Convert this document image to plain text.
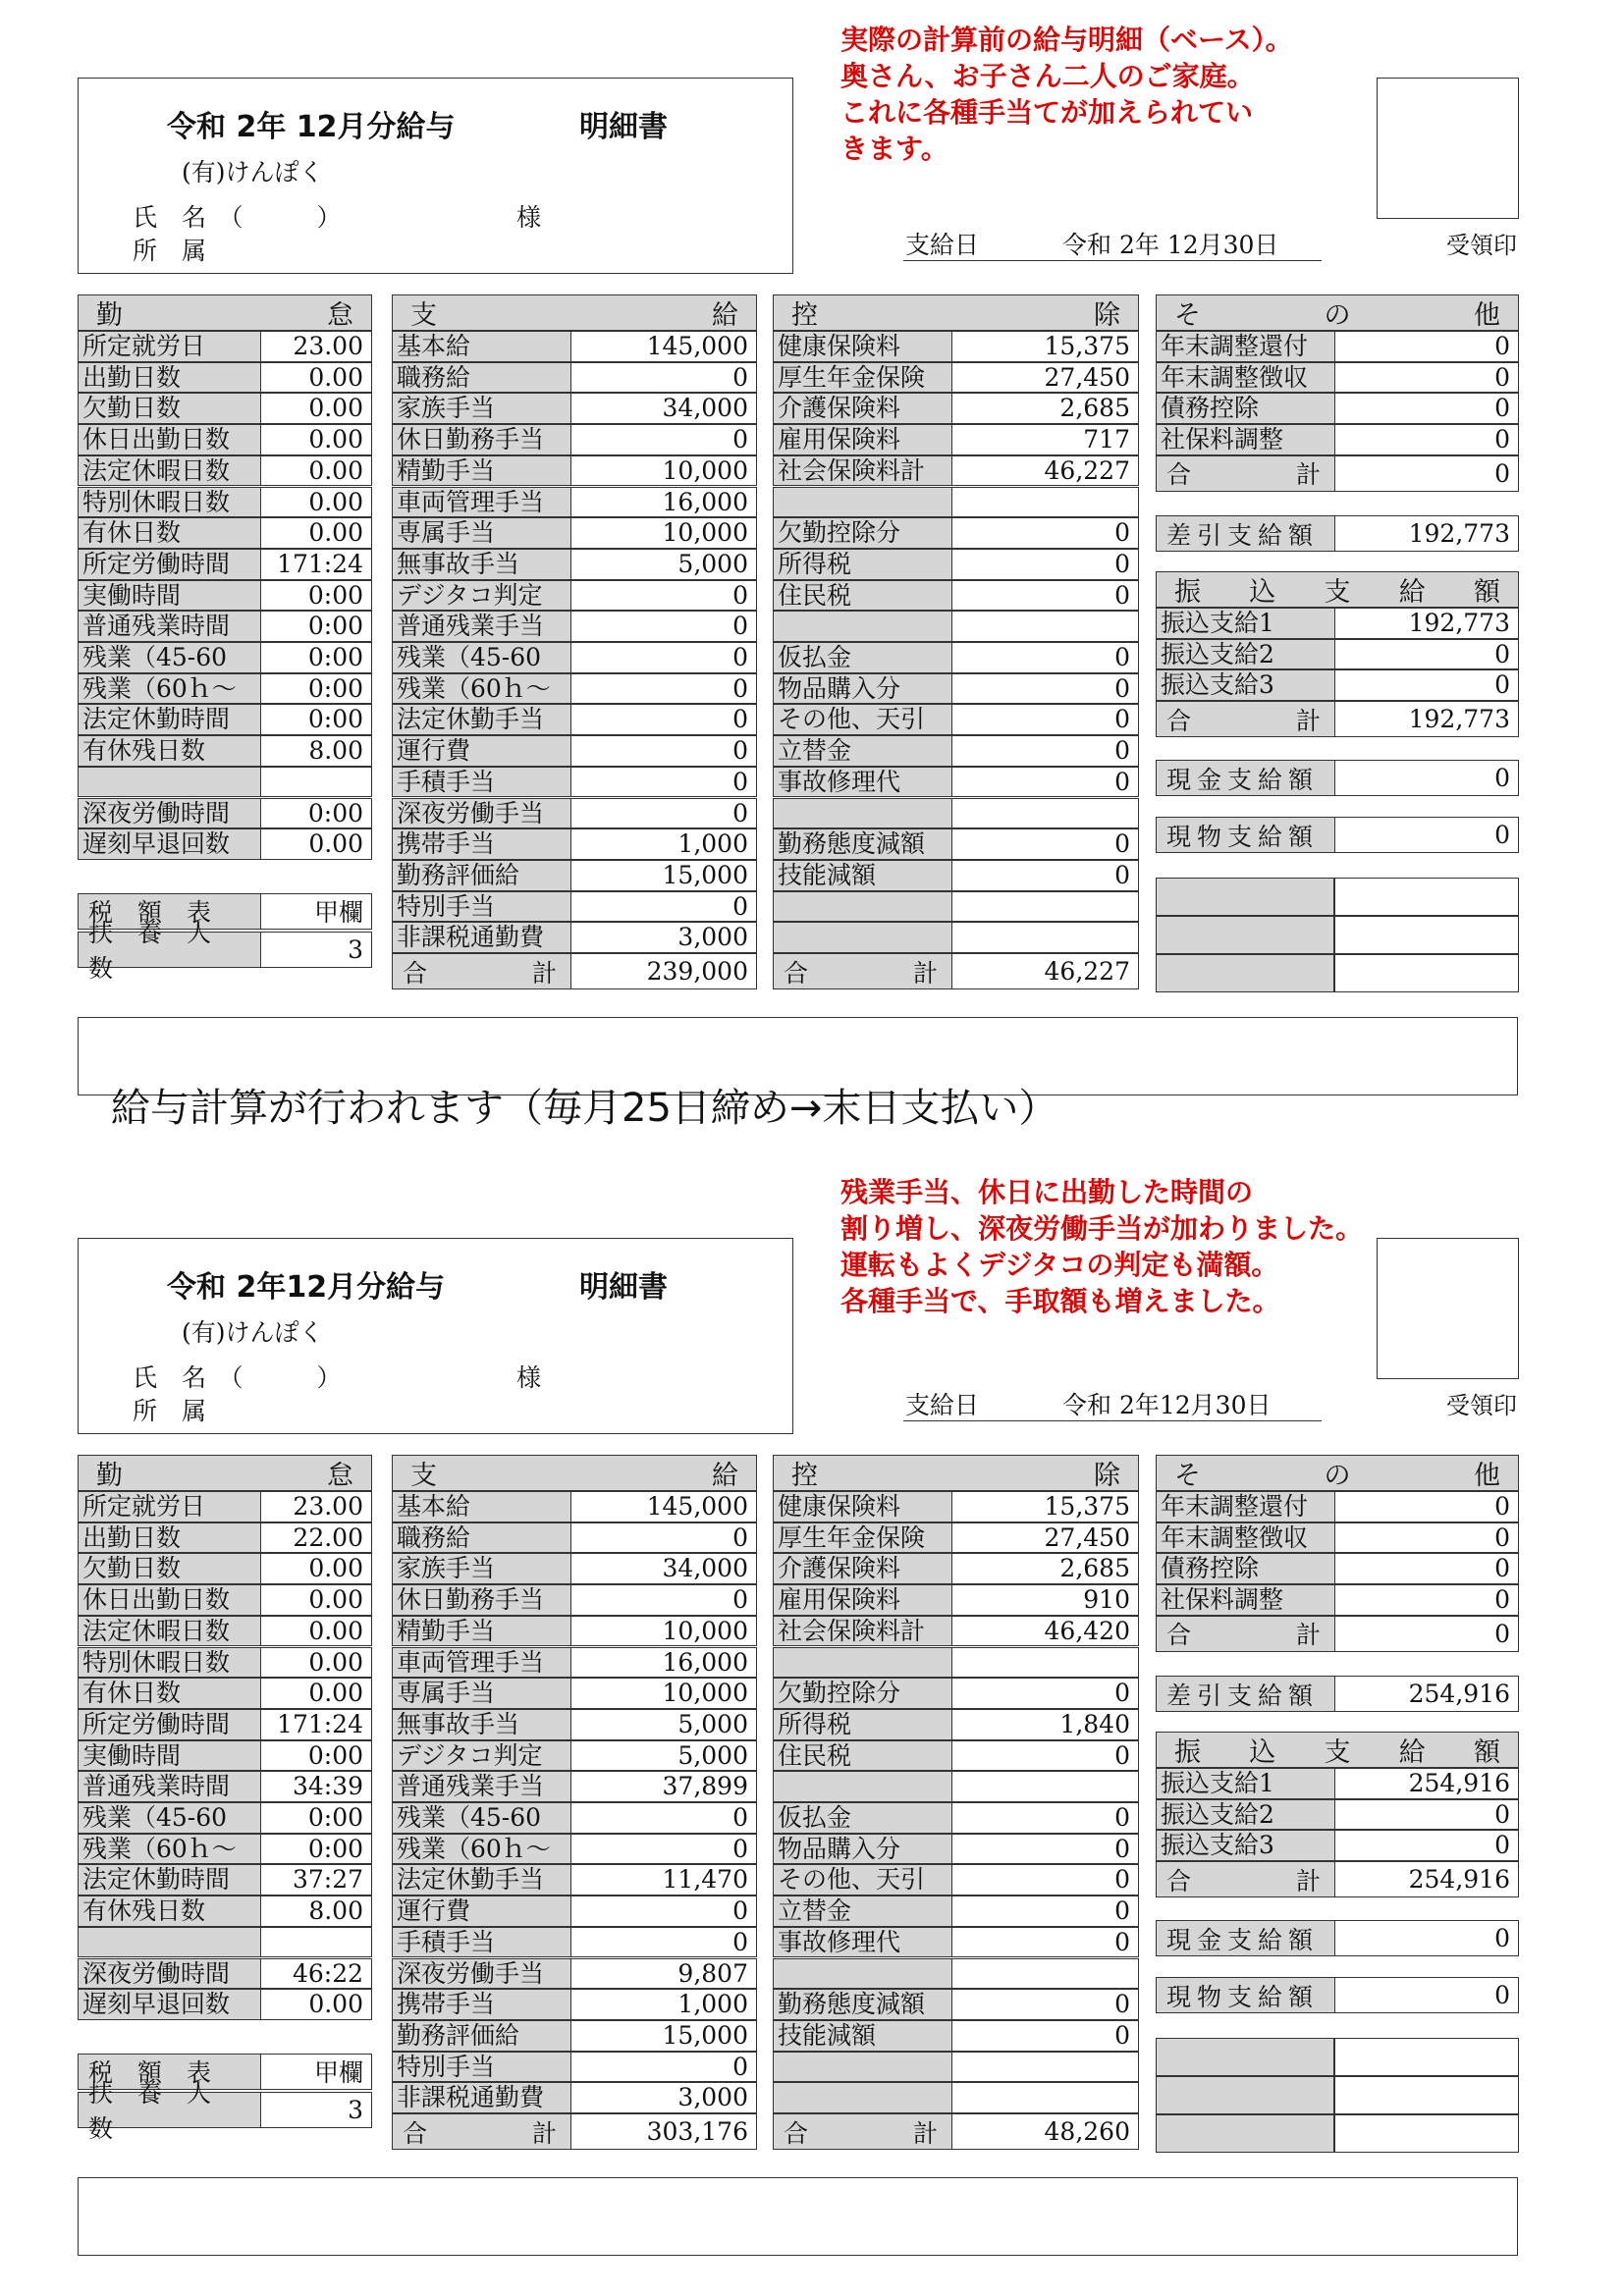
令和 2年 12月分給与	明細書
(有)けんぽく
氏　名　（　　　）	様
所　属
実際の計算前の給与明細（ベース）。
奥さん、お子さん二人のご家庭。
これに各種手当てが加えられてい
きます。
受領印
支給日	令和 2年 12月30日
勤	怠
所定就労日	23.00
出勤日数	0.00
欠勤日数	0.00
休日出勤日数	0.00
法定休暇日数	0.00
特別休暇日数	0.00
有休日数	0.00
所定労働時間	171:24
実働時間	0:00
普通残業時間	0:00
残業（45-60	0:00
残業（60ｈ～	0:00
法定休勤時間	0:00
有休残日数	8.00
深夜労働時間	0:00
遅刻早退回数	0.00
税　額　表	甲欄
扶　養　人　数
3
支	給
基本給	145,000
職務給	0
家族手当	34,000
休日勤務手当	0
精勤手当	10,000
車両管理手当	16,000
専属手当	10,000
無事故手当	5,000
デジタコ判定	0
普通残業手当	0
残業（45-60	0
残業（60ｈ～	0
法定休勤手当	0
運行費	0
手積手当	0
深夜労働手当	0
携帯手当	1,000
勤務評価給	15,000
特別手当	0
非課税通勤費	3,000
合	計	239,000
控	除
健康保険料	15,375
厚生年金保険	27,450
介護保険料	2,685
雇用保険料	717
社会保険料計	46,227
欠勤控除分	0
所得税	0
住民税	0
仮払金	0
物品購入分	0
その他、天引	0
立替金	0
事故修理代	0
勤務態度減額	0
技能減額	0
合	計	46,227
そ	の	他
年末調整還付	0
年末調整徴収	0
債務控除	0
社保料調整	0
合	計	0
差引支給額	192,773
振 込 支 給 額
振込支給1	192,773
振込支給2	0
振込支給3	0
合	計	192,773
現金支給額	0
現物支給額	0
給与計算が行われます（毎月25日締め→末日支払い）
令和 2年12月分給与	明細書
(有)けんぽく
氏　名　（　　　）	様
所　属
残業手当、休日に出勤した時間の
割り増し、深夜労働手当が加わりました。
運転もよくデジタコの判定も満額。
各種手当で、手取額も増えました。
受領印
支給日	令和 2年12月30日
勤	怠
所定就労日	23.00
出勤日数	22.00
欠勤日数	0.00
休日出勤日数	0.00
法定休暇日数	0.00
特別休暇日数	0.00
有休日数	0.00
所定労働時間	171:24
実働時間	0:00
普通残業時間	34:39
残業（45-60	0:00
残業（60ｈ～	0:00
法定休勤時間	37:27
有休残日数	8.00
深夜労働時間	46:22
遅刻早退回数	0.00
税　額　表	甲欄
扶　養　人　数
3
支	給
基本給	145,000
職務給	0
家族手当	34,000
休日勤務手当	0
精勤手当	10,000
車両管理手当	16,000
専属手当	10,000
無事故手当	5,000
デジタコ判定	5,000
普通残業手当	37,899
残業（45-60	0
残業（60ｈ～	0
法定休勤手当	11,470
運行費	0
手積手当	0
深夜労働手当	9,807
携帯手当	1,000
勤務評価給	15,000
特別手当	0
非課税通勤費	3,000
合	計	303,176
控	除
健康保険料	15,375
厚生年金保険	27,450
介護保険料	2,685
雇用保険料	910
社会保険料計	46,420
欠勤控除分	0
所得税	1,840
住民税	0
仮払金	0
物品購入分	0
その他、天引	0
立替金	0
事故修理代	0
勤務態度減額	0
技能減額	0
合	計	48,260
そ	の	他
年末調整還付	0
年末調整徴収	0
債務控除	0
社保料調整	0
合	計	0
差引支給額	254,916
振 込 支 給 額
振込支給1	254,916
振込支給2	0
振込支給3	0
合	計	254,916
現金支給額	0
現物支給額	0
